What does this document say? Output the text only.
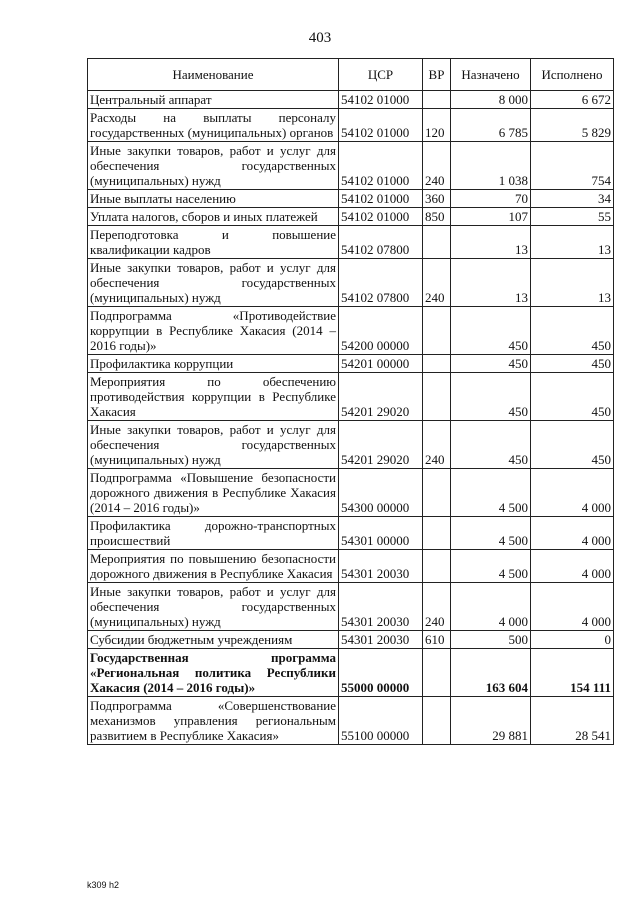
403
Наименование	ЦСР	ВР	Назначено	Исполнено
Центральный аппарат	54102 01000		8 000	6 672
Расходы на выплаты персоналу государственных (муниципальных) органов	54102 01000	120	6 785	5 829
Иные закупки товаров, работ и услуг для обеспечения государственных (муниципальных) нужд	54102 01000	240	1 038	754
Иные выплаты населению	54102 01000	360	70	34
Уплата налогов, сборов и иных платежей	54102 01000	850	107	55
Переподготовка и повышение квалификации кадров	54102 07800		13	13
Иные закупки товаров, работ и услуг для обеспечения государственных (муниципальных) нужд	54102 07800	240	13	13
Подпрограмма «Противодействие коррупции в Республике Хакасия (2014 – 2016 годы)»	54200 00000		450	450
Профилактика коррупции	54201 00000		450	450
Мероприятия по обеспечению противодействия коррупции в Республике Хакасия	54201 29020		450	450
Иные закупки товаров, работ и услуг для обеспечения государственных (муниципальных) нужд	54201 29020	240	450	450
Подпрограмма «Повышение безопасности дорожного движения в Республике Хакасия (2014 – 2016 годы)»	54300 00000		4 500	4 000
Профилактика дорожно-транспортных происшествий	54301 00000		4 500	4 000
Мероприятия по повышению безопасности дорожного движения в Республике Хакасия	54301 20030		4 500	4 000
Иные закупки товаров, работ и услуг для обеспечения государственных (муниципальных) нужд	54301 20030	240	4 000	4 000
Субсидии бюджетным учреждениям	54301 20030	610	500	0
Государственная программа «Региональная политика Республики Хакасия (2014 – 2016 годы)»	55000 00000		163 604	154 111
Подпрограмма «Совершенствование механизмов управления региональным развитием в Республике Хакасия»	55100 00000		29 881	28 541
k309 h2
